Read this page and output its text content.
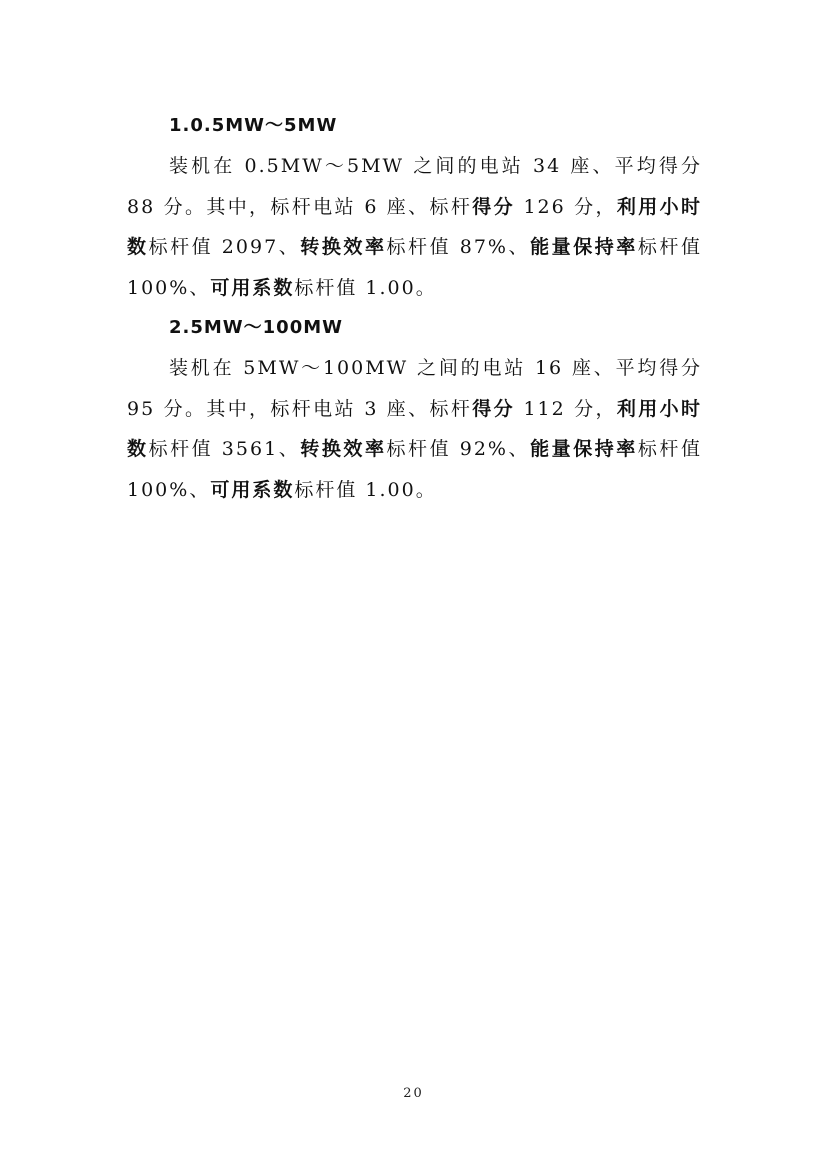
1.0.5MW～5MW

装机在 0.5MW～5MW 之间的电站 34 座、平均得分 88 分。其中，标杆电站 6 座、标杆得分 126 分，利用小时数标杆值 2097、转换效率标杆值 87%、能量保持率标杆值 100%、可用系数标杆值 1.00。

2.5MW～100MW

装机在 5MW～100MW 之间的电站 16 座、平均得分 95 分。其中，标杆电站 3 座、标杆得分 112 分，利用小时数标杆值 3561、转换效率标杆值 92%、能量保持率标杆值 100%、可用系数标杆值 1.00。

20
